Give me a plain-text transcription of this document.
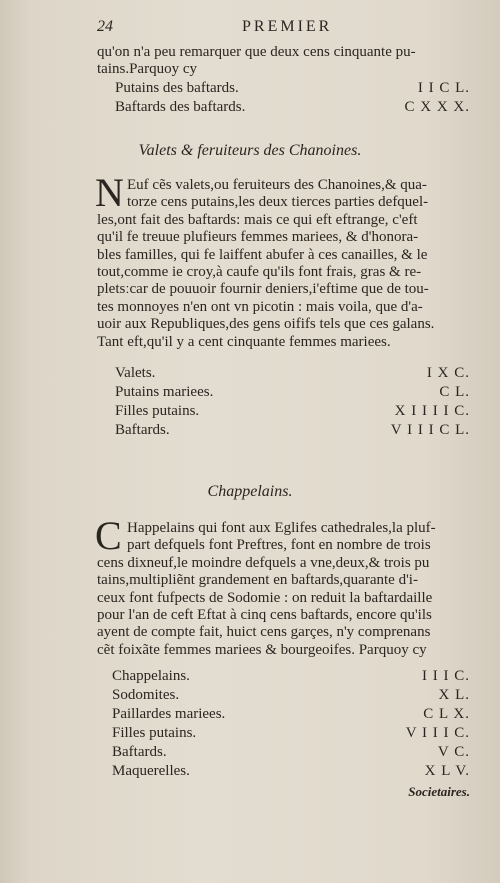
24	PREMIER
qu'on n'a peu remarquer que deux cens cinquante pu-
tains.Parquoy cy
Putains des baftards.	I I C L.
Baftards des baftards.	C X X X.
Valets & feruiteurs des Chanoines.
N Euf cẽs valets,ou feruiteurs des Chanoines,& qua-
torze cens putains,les deux tierces parties defquel-
les,ont fait des baftards: mais ce qui eft eftrange, c'eft
qu'il fe treuue plufieurs femmes mariees, & d'honora-
bles familles, qui fe laiffent abufer à ces canailles, & le
tout,comme ie croy,à caufe qu'ils font frais, gras & re-
pletsːcar de pouuoir fournir deniers,i'eftime que de tou-
tes monnoyes n'en ont vn picotin : mais voila, que d'a-
uoir aux Republiques,des gens oififs tels que ces galans.
Tant eft,qu'il y a cent cinquante femmes mariees.
Valets.	I X C.
Putains mariees.	C L.
Filles putains.	X I I I I C.
Baftards.	V I I I C L.
Chappelains.
C Happelains qui font aux Eglifes cathedrales,la pluf-
part defquels font Preftres, font en nombre de trois
cens dixneuf,le moindre defquels a vne,deux,& trois pu
tains,multipliẽnt grandement en baftards,quarante d'i-
ceux font fufpects de Sodomie : on reduit la baftardaille
pour l'an de ceft Eftat à cinq cens baftards, encore qu'ils
ayent de compte fait, huict cens garçes, n'y comprenans
cẽt foixãte femmes mariees & bourgeoifes. Parquoy cy
Chappelains.	I I I C.
Sodomites.	X L.
Paillardes mariees.	C L X.
Filles putains.	V I I I C.
Baftards.	V C.
Maquerelles.	X L V.
Societaires.
